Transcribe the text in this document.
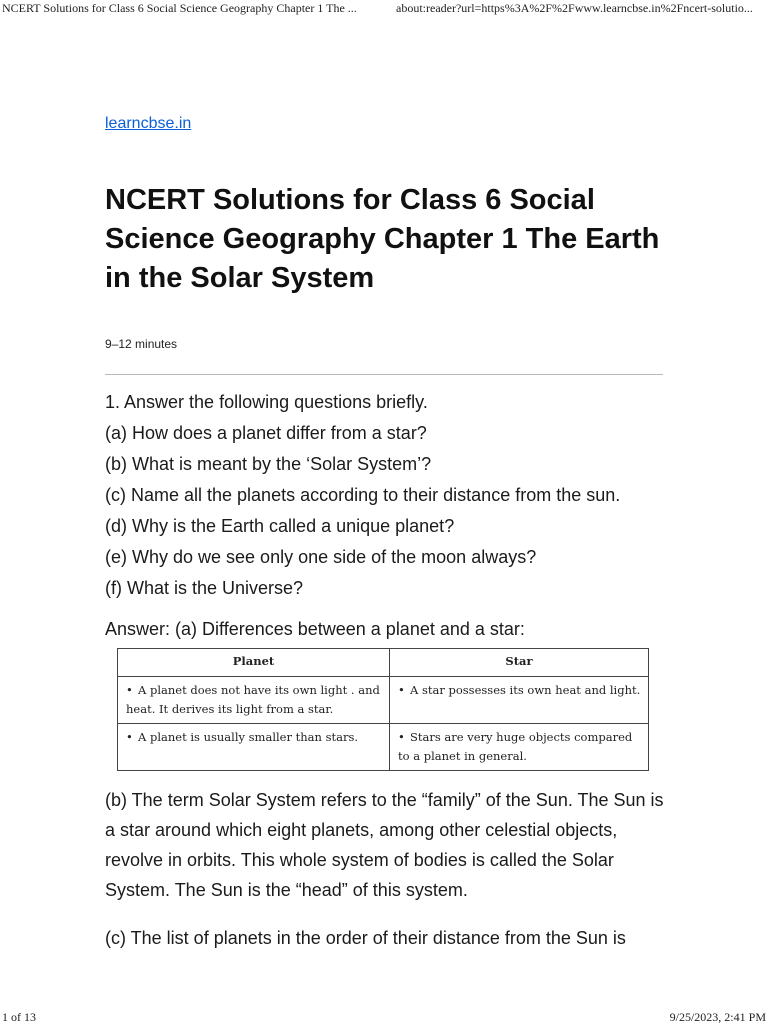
NCERT Solutions for Class 6 Social Science Geography Chapter 1 The ...	about:reader?url=https%3A%2F%2Fwww.learncbse.in%2Fncert-solutio...
learncbse.in
NCERT Solutions for Class 6 Social Science Geography Chapter 1 The Earth in the Solar System
9–12 minutes
1. Answer the following questions briefly.
(a) How does a planet differ from a star?
(b) What is meant by the ‘Solar System’?
(c) Name all the planets according to their distance from the sun.
(d) Why is the Earth called a unique planet?
(e) Why do we see only one side of the moon always?
(f) What is the Universe?
Answer: (a) Differences between a planet and a star:
Planet	Star
• A planet does not have its own light . and heat. It derives its light from a star.	• A star possesses its own heat and light.
• A planet is usually smaller than stars.	• Stars are very huge objects compared to a planet in general.

(b) The term Solar System refers to the “family” of the Sun. The Sun is a star around which eight planets, among other celestial objects, revolve in orbits. This whole system of bodies is called the Solar System. The Sun is the “head” of this system.

(c) The list of planets in the order of their distance from the Sun is

1 of 13	9/25/2023, 2:41 PM
